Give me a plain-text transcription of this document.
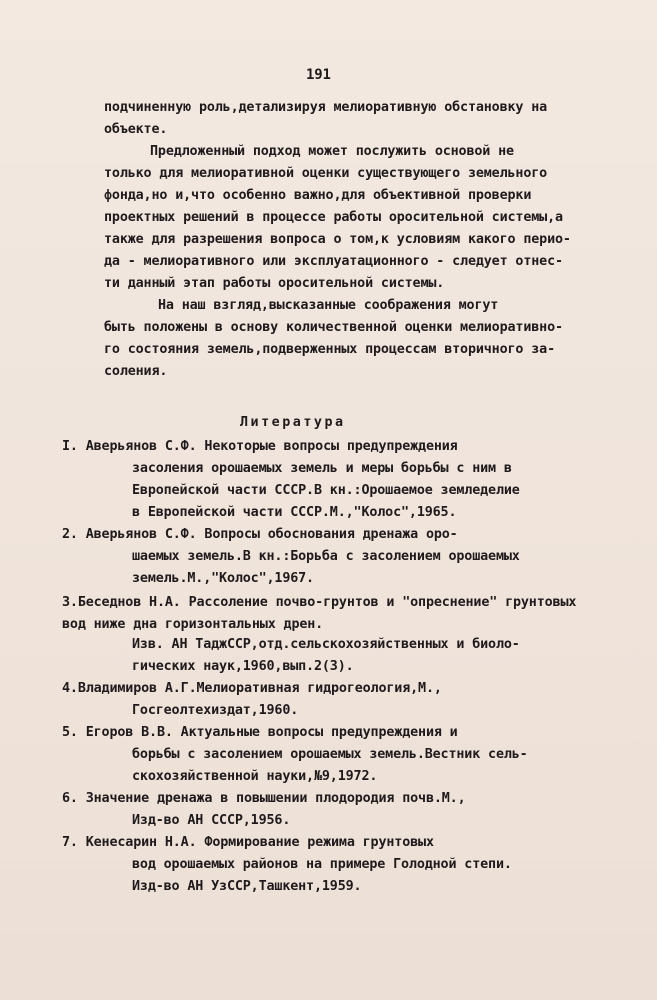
191
подчиненную роль,детализируя мелиоративную обстановку на
объекте.
Предложенный подход может послужить основой не
только для мелиоративной оценки существующего земельного
фонда,но и,что особенно важно,для объективной проверки
проектных решений в процессе работы оросительной системы,а
также для разрешения вопроса о том,к условиям какого перио-
да - мелиоративного или эксплуатационного - следует отнес-
ти данный этап работы оросительной системы.
На наш взгляд,высказанные соображения могут
быть положены в основу количественной оценки мелиоративно-
го состояния земель,подверженных процессам вторичного за-
соления.
Литература
I. Аверьянов С.Ф. Некоторые вопросы предупреждения
засоления орошаемых земель и меры борьбы с ним в
Европейской части СССР.В кн.:Орошаемое земледелие
в Европейской части СССР.М.,"Колос",1965.
2. Аверьянов С.Ф. Вопросы обоснования дренажа оро-
шаемых земель.В кн.:Борьба с засолением орошаемых
земель.М.,"Колос",1967.
3.Беседнов Н.А. Рассоление почво-грунтов и "опреснение" грунтовых вод ниже дна горизонтальных дрен.
Изв. АН ТаджССР,отд.сельскохозяйственных и биоло-
гических наук,1960,вып.2(3).
4.Владимиров А.Г.Мелиоративная гидрогеология,М.,
Госгеолтехиздат,1960.
5. Егоров В.В. Актуальные вопросы предупреждения и
борьбы с засолением орошаемых земель.Вестник сель-
скохозяйственной науки,№9,1972.
6. Значение дренажа в повышении плодородия почв.М.,
Изд-во АН СССР,1956.
7. Кенесарин Н.А. Формирование режима грунтовых
вод орошаемых районов на примере Голодной степи.
Изд-во АН УзССР,Ташкент,1959.
